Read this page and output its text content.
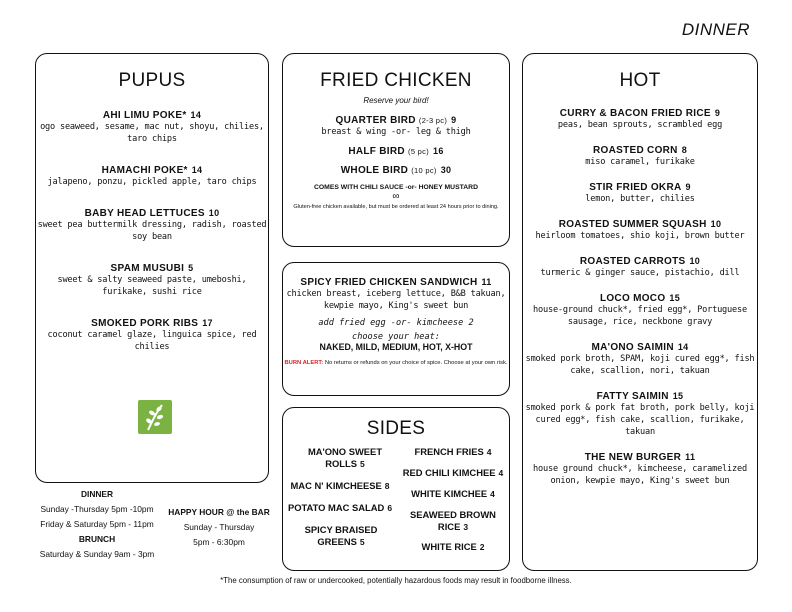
DINNER
PUPUS
AHI LIMU POKE* 14
ogo seaweed, sesame, mac nut, shoyu, chilies, taro chips
HAMACHI POKE* 14
jalapeno, ponzu, pickled apple, taro chips
BABY HEAD LETTUCES 10
sweet pea buttermilk dressing, radish, roasted soy bean
SPAM MUSUBI 5
sweet & salty seaweed paste, umeboshi, furikake, sushi rice
SMOKED PORK RIBS 17
coconut caramel glaze, linguica spice, red chilies
FRIED CHICKEN
Reserve your bird!
QUARTER BIRD (2-3 pc) 9
breast & wing -or- leg & thigh
HALF BIRD (5 pc) 16
WHOLE BIRD (10 pc) 30
COMES WITH CHILI SAUCE -or- HONEY MUSTARD
∞
Gluten-free chicken available, but must be ordered at least 24 hours prior to dining.
SPICY FRIED CHICKEN SANDWICH 11
chicken breast, iceberg lettuce, B&B takuan, kewpie mayo, King's sweet bun
add fried egg -or- kimcheese 2
choose your heat:
NAKED, MILD, MEDIUM, HOT, X-HOT
BURN ALERT: No returns or refunds on your choice of spice. Choose at your own risk.
SIDES
MA'ONO SWEET ROLLS 5
MAC N' KIMCHEESE 8
POTATO MAC SALAD 6
SPICY BRAISED GREENS 5
FRENCH FRIES 4
RED CHILI KIMCHEE 4
WHITE KIMCHEE 4
SEAWEED BROWN RICE 3
WHITE RICE 2
HOT
CURRY & BACON FRIED RICE 9
peas, bean sprouts, scrambled egg
ROASTED CORN 8
miso caramel, furikake
STIR FRIED OKRA 9
lemon, butter, chilies
ROASTED SUMMER SQUASH 10
heirloom tomatoes, shio koji, brown butter
ROASTED CARROTS 10
turmeric & ginger sauce, pistachio, dill
LOCO MOCO 15
house-ground chuck*, fried egg*, Portuguese sausage, rice, neckbone gravy
MA'ONO SAIMIN 14
smoked pork broth, SPAM, koji cured egg*, fish cake, scallion, nori, takuan
FATTY SAIMIN 15
smoked pork & pork fat broth, pork belly, koji cured egg*, fish cake, scallion, furikake, takuan
THE NEW BURGER 11
house ground chuck*, kimcheese, caramelized onion, kewpie mayo, King's sweet bun
DINNER
Sunday -Thursday 5pm -10pm
Friday & Saturday 5pm - 11pm
BRUNCH
Saturday & Sunday 9am - 3pm
HAPPY HOUR @ the BAR
Sunday - Thursday
5pm - 6:30pm
*The consumption of raw or undercooked, potentially hazardous foods may result in foodborne illness.
